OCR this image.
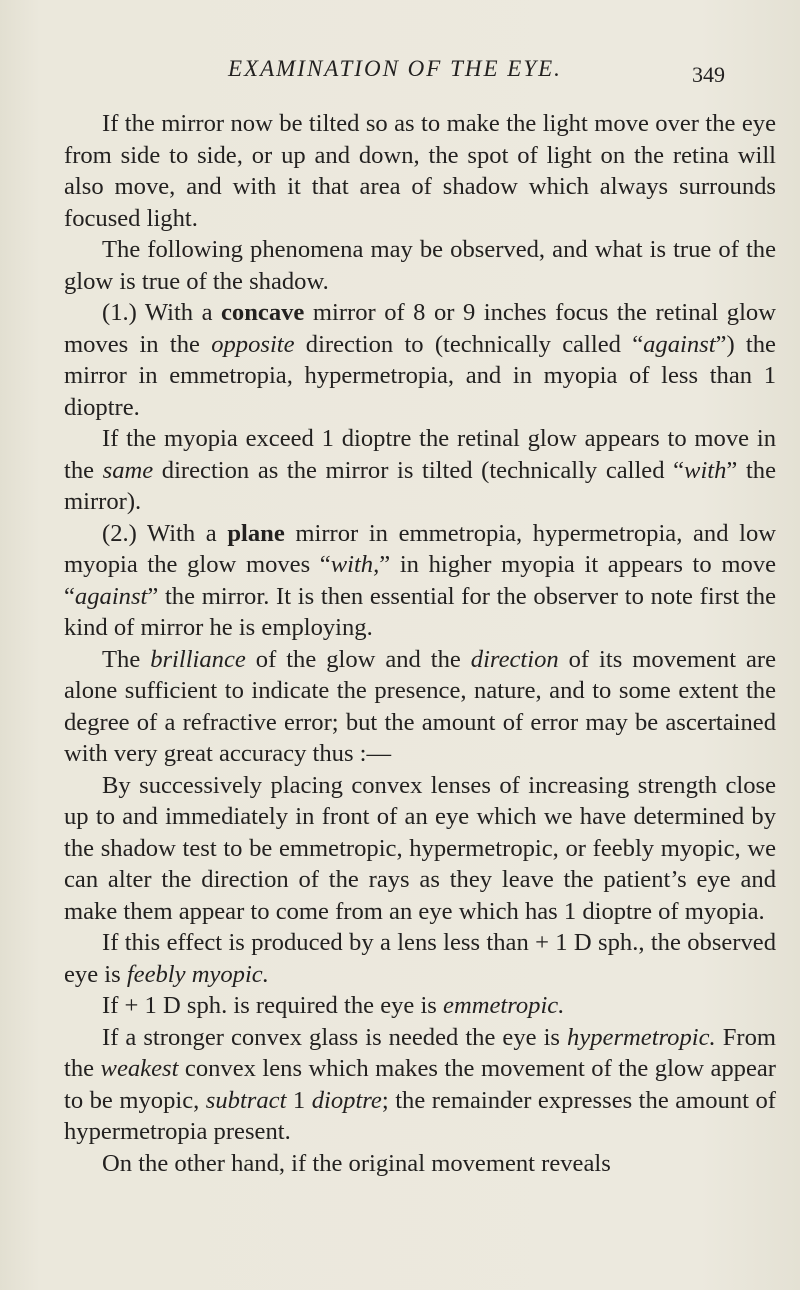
EXAMINATION OF THE EYE.	349

If the mirror now be tilted so as to make the light move over the eye from side to side, or up and down, the spot of light on the retina will also move, and with it that area of shadow which always surrounds focused light.

The following phenomena may be observed, and what is true of the glow is true of the shadow.

(1.) With a concave mirror of 8 or 9 inches focus the retinal glow moves in the opposite direction to (technically called “against”) the mirror in emmetropia, hypermetropia, and in myopia of less than 1 dioptre.

If the myopia exceed 1 dioptre the retinal glow appears to move in the same direction as the mirror is tilted (technically called “with” the mirror).

(2.) With a plane mirror in emmetropia, hypermetropia, and low myopia the glow moves “with,” in higher myopia it appears to move “against” the mirror. It is then essential for the observer to note first the kind of mirror he is employing.

The brilliance of the glow and the direction of its movement are alone sufficient to indicate the presence, nature, and to some extent the degree of a refractive error; but the amount of error may be ascertained with very great accuracy thus :—

By successively placing convex lenses of increasing strength close up to and immediately in front of an eye which we have determined by the shadow test to be emmetropic, hypermetropic, or feebly myopic, we can alter the direction of the rays as they leave the patient’s eye and make them appear to come from an eye which has 1 dioptre of myopia.

If this effect is produced by a lens less than + 1 D sph., the observed eye is feebly myopic.

If + 1 D sph. is required the eye is emmetropic.

If a stronger convex glass is needed the eye is hypermetropic. From the weakest convex lens which makes the movement of the glow appear to be myopic, subtract 1 dioptre; the remainder expresses the amount of hypermetropia present.

On the other hand, if the original movement reveals
